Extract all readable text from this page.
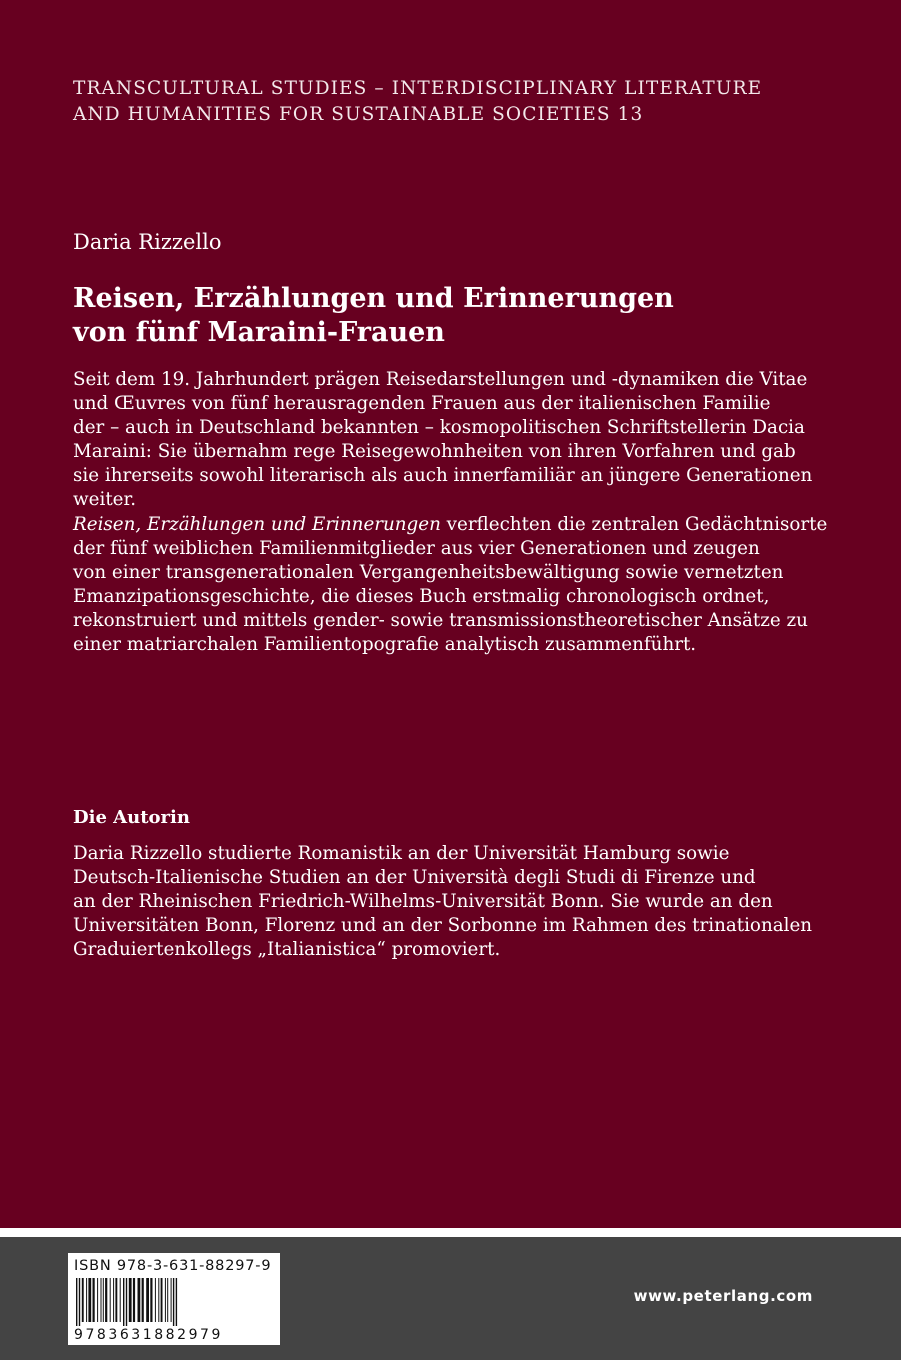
TRANSCULTURAL STUDIES – INTERDISCIPLINARY LITERATURE
AND HUMANITIES FOR SUSTAINABLE SOCIETIES 13
Daria Rizzello
Reisen, Erzählungen und Erinnerungen
von fünf Maraini-Frauen
Seit dem 19. Jahrhundert prägen Reisedarstellungen und -dynamiken die Vitae
und Œuvres von fünf herausragenden Frauen aus der italienischen Familie
der – auch in Deutschland bekannten – kosmopolitischen Schriftstellerin Dacia
Maraini: Sie übernahm rege Reisegewohnheiten von ihren Vorfahren und gab
sie ihrerseits sowohl literarisch als auch innerfamiliär an jüngere Generationen
weiter.
Reisen, Erzählungen und Erinnerungen verflechten die zentralen Gedächtnisorte
der fünf weiblichen Familienmitglieder aus vier Generationen und zeugen
von einer transgenerationalen Vergangenheitsbewältigung sowie vernetzten
Emanzipationsgeschichte, die dieses Buch erstmalig chronologisch ordnet,
rekonstruiert und mittels gender- sowie transmissionstheoretischer Ansätze zu
einer matriarchalen Familientopografie analytisch zusammenführt.
Die Autorin
Daria Rizzello studierte Romanistik an der Universität Hamburg sowie
Deutsch-Italienische Studien an der Università degli Studi di Firenze und
an der Rheinischen Friedrich-Wilhelms-Universität Bonn. Sie wurde an den
Universitäten Bonn, Florenz und an der Sorbonne im Rahmen des trinationalen
Graduiertenkollegs „Italianistica“ promoviert.
ISBN 978-3-631-88297-9
9783631882979
www.peterlang.com
